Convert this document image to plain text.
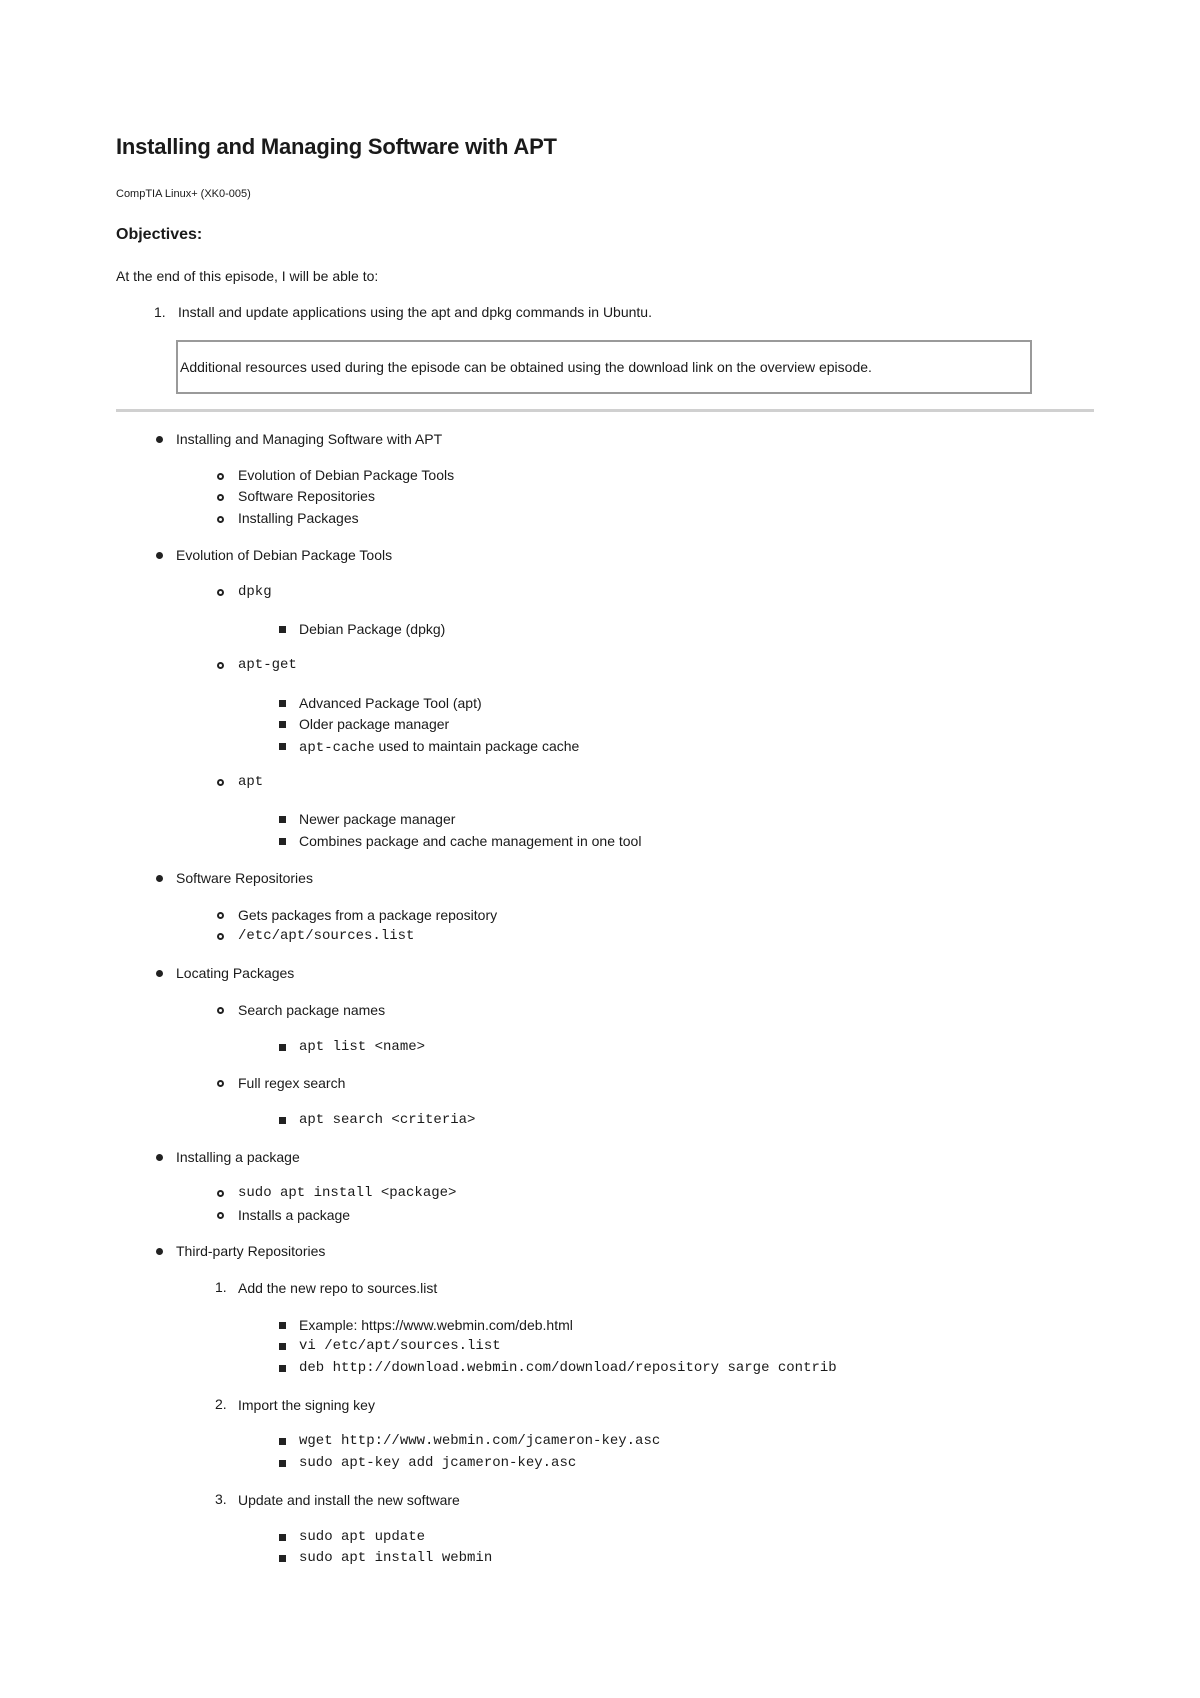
Installing and Managing Software with APT
CompTIA Linux+ (XK0-005)
Objectives:
At the end of this episode, I will be able to:
1. Install and update applications using the apt and dpkg commands in Ubuntu.
Additional resources used during the episode can be obtained using the download link on the overview episode.
Installing and Managing Software with APT
Evolution of Debian Package Tools
Software Repositories
Installing Packages
Evolution of Debian Package Tools
dpkg
Debian Package (dpkg)
apt-get
Advanced Package Tool (apt)
Older package manager
apt-cache used to maintain package cache
apt
Newer package manager
Combines package and cache management in one tool
Software Repositories
Gets packages from a package repository
/etc/apt/sources.list
Locating Packages
Search package names
apt list <name>
Full regex search
apt search <criteria>
Installing a package
sudo apt install <package>
Installs a package
Third-party Repositories
1. Add the new repo to sources.list
Example: https://www.webmin.com/deb.html
vi /etc/apt/sources.list
deb http://download.webmin.com/download/repository sarge contrib
2. Import the signing key
wget http://www.webmin.com/jcameron-key.asc
sudo apt-key add jcameron-key.asc
3. Update and install the new software
sudo apt update
sudo apt install webmin
